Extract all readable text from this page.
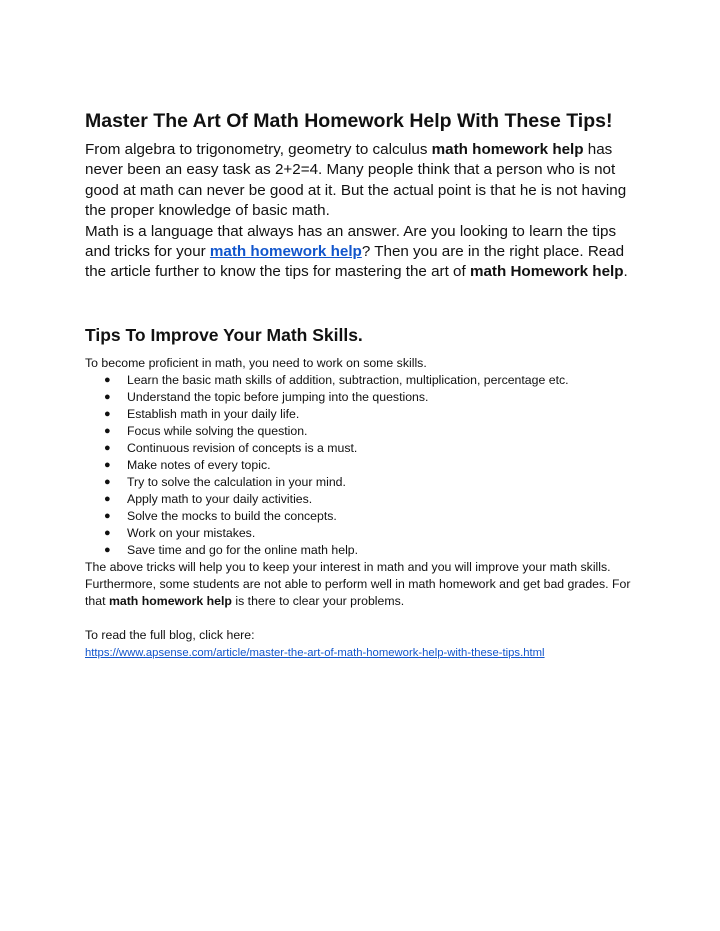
Master The Art Of Math Homework Help With These Tips!

From algebra to trigonometry, geometry to calculus math homework help has never been an easy task as 2+2=4. Many people think that a person who is not good at math can never be good at it. But the actual point is that he is not having the proper knowledge of basic math.

Math is a language that always has an answer. Are you looking to learn the tips and tricks for your math homework help? Then you are in the right place. Read the article further to know the tips for mastering the art of math Homework help.

Tips To Improve Your Math Skills.

To become proficient in math, you need to work on some skills.

● Learn the basic math skills of addition, subtraction, multiplication, percentage etc.
● Understand the topic before jumping into the questions.
● Establish math in your daily life.
● Focus while solving the question.
● Continuous revision of concepts is a must.
● Make notes of every topic.
● Try to solve the calculation in your mind.
● Apply math to your daily activities.
● Solve the mocks to build the concepts.
● Work on your mistakes.
● Save time and go for the online math help.

The above tricks will help you to keep your interest in math and you will improve your math skills.

Furthermore, some students are not able to perform well in math homework and get bad grades. For that math homework help is there to clear your problems.

To read the full blog, click here:

https://www.apsense.com/article/master-the-art-of-math-homework-help-with-these-tips.html
